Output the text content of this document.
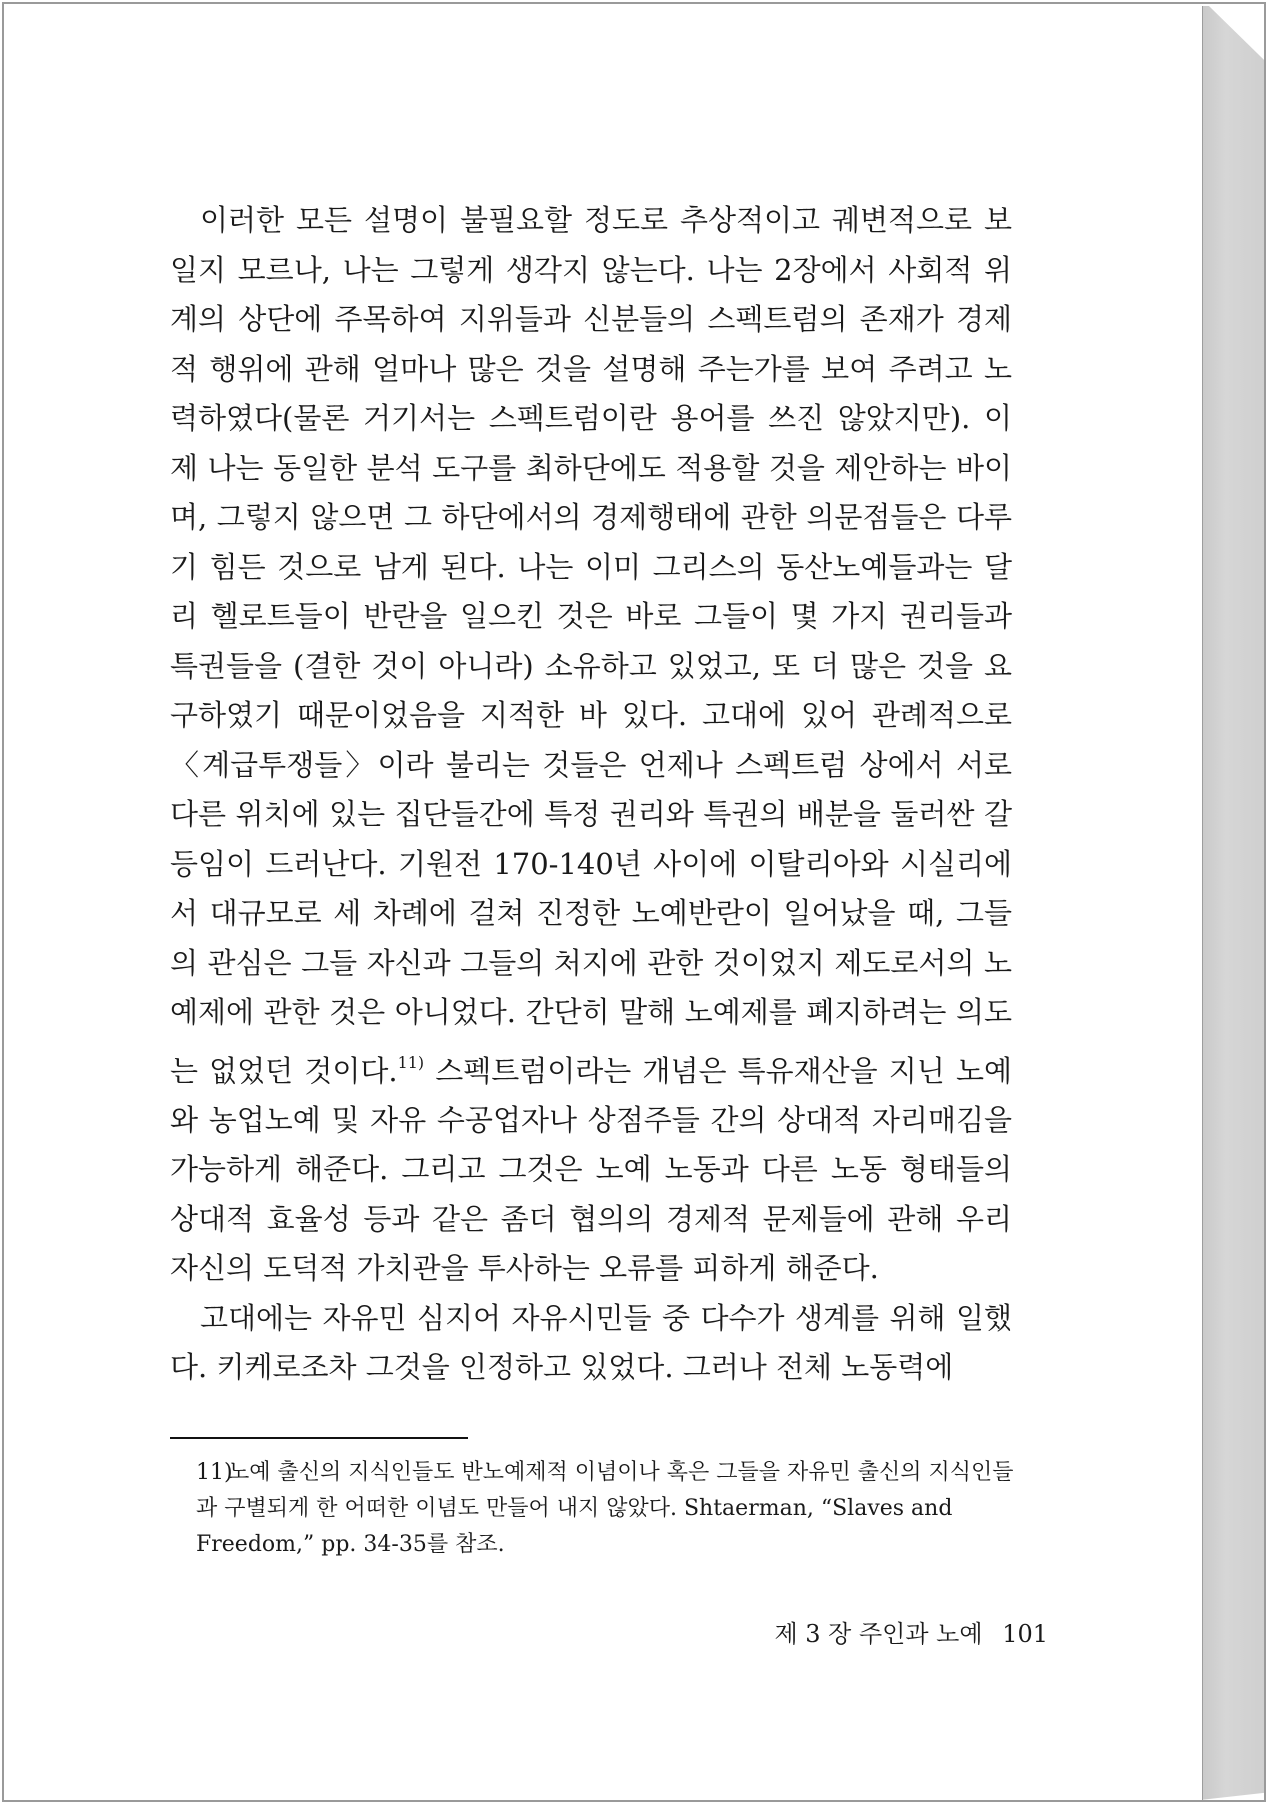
이러한 모든 설명이 불필요할 정도로 추상적이고 궤변적으로 보일지 모르나, 나는 그렇게 생각지 않는다. 나는 2장에서 사회적 위계의 상단에 주목하여 지위들과 신분들의 스펙트럼의 존재가 경제적 행위에 관해 얼마나 많은 것을 설명해 주는가를 보여 주려고 노력하였다(물론 거기서는 스펙트럼이란 용어를 쓰진 않았지만). 이제 나는 동일한 분석 도구를 최하단에도 적용할 것을 제안하는 바이며, 그렇지 않으면 그 하단에서의 경제행태에 관한 의문점들은 다루기 힘든 것으로 남게 된다. 나는 이미 그리스의 동산노예들과는 달리 헬로트들이 반란을 일으킨 것은 바로 그들이 몇 가지 권리들과 특권들을 (결한 것이 아니라) 소유하고 있었고, 또 더 많은 것을 요구하였기 때문이었음을 지적한 바 있다. 고대에 있어 관례적으로 〈계급투쟁들〉이라 불리는 것들은 언제나 스펙트럼 상에서 서로 다른 위치에 있는 집단들간에 특정 권리와 특권의 배분을 둘러싼 갈등임이 드러난다. 기원전 170-140년 사이에 이탈리아와 시실리에서 대규모로 세 차례에 걸쳐 진정한 노예반란이 일어났을 때, 그들의 관심은 그들 자신과 그들의 처지에 관한 것이었지 제도로서의 노예제에 관한 것은 아니었다. 간단히 말해 노예제를 폐지하려는 의도는 없었던 것이다.$^{11)}$ 스펙트럼이라는 개념은 특유재산을 지닌 노예와 농업노예 및 자유 수공업자나 상점주들 간의 상대적 자리매김을 가능하게 해준다. 그리고 그것은 노예 노동과 다른 노동 형태들의 상대적 효율성 등과 같은 좀더 협의의 경제적 문제들에 관해 우리 자신의 도덕적 가치관을 투사하는 오류를 피하게 해준다.

고대에는 자유민 심지어 자유시민들 중 다수가 생계를 위해 일했다. 키케로조차 그것을 인정하고 있었다. 그러나 전체 노동력에

11)노예 출신의 지식인들도 반노예제적 이념이나 혹은 그들을 자유민 출신의 지식인들과 구별되게 한 어떠한 이념도 만들어 내지 않았다. Shtaerman, “Slaves and Freedom,” pp. 34-35를 참조.
제 3 장 주인과 노예 101
